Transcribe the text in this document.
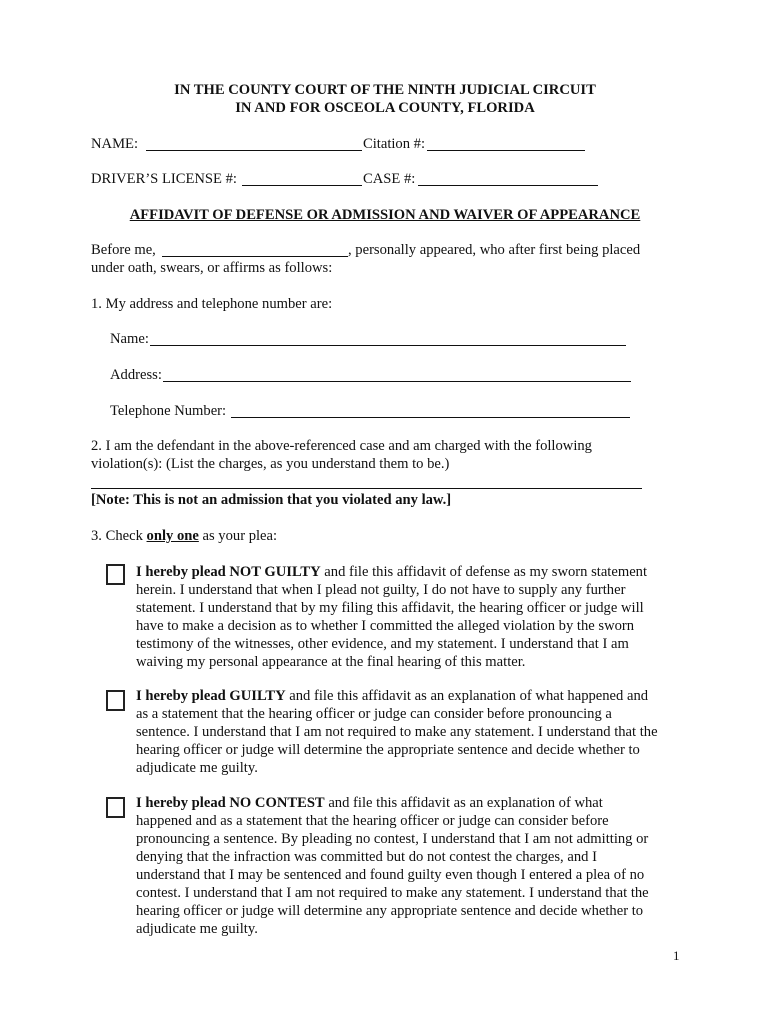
IN THE COUNTY COURT OF THE NINTH JUDICIAL CIRCUIT
IN AND FOR OSCEOLA COUNTY, FLORIDA
NAME:	Citation #:
DRIVER’S LICENSE #:	CASE #:
AFFIDAVIT OF DEFENSE OR ADMISSION AND WAIVER OF APPEARANCE
Before me,	, personally appeared, who after first being placed
under oath, swears, or affirms as follows:
1. My address and telephone number are:
Name:
Address:
Telephone Number:
2. I am the defendant in the above-referenced case and am charged with the following
violation(s): (List the charges, as you understand them to be.)
[Note: This is not an admission that you violated any law.]
3. Check only one as your plea:
I hereby plead NOT GUILTY and file this affidavit of defense as my sworn statement
herein. I understand that when I plead not guilty, I do not have to supply any further
statement. I understand that by my filing this affidavit, the hearing officer or judge will
have to make a decision as to whether I committed the alleged violation by the sworn
testimony of the witnesses, other evidence, and my statement. I understand that I am
waiving my personal appearance at the final hearing of this matter.
I hereby plead GUILTY and file this affidavit as an explanation of what happened and
as a statement that the hearing officer or judge can consider before pronouncing a
sentence. I understand that I am not required to make any statement. I understand that the
hearing officer or judge will determine the appropriate sentence and decide whether to
adjudicate me guilty.
I hereby plead NO CONTEST and file this affidavit as an explanation of what
happened and as a statement that the hearing officer or judge can consider before
pronouncing a sentence. By pleading no contest, I understand that I am not admitting or
denying that the infraction was committed but do not contest the charges, and I
understand that I may be sentenced and found guilty even though I entered a plea of no
contest. I understand that I am not required to make any statement. I understand that the
hearing officer or judge will determine any appropriate sentence and decide whether to
adjudicate me guilty.
1
